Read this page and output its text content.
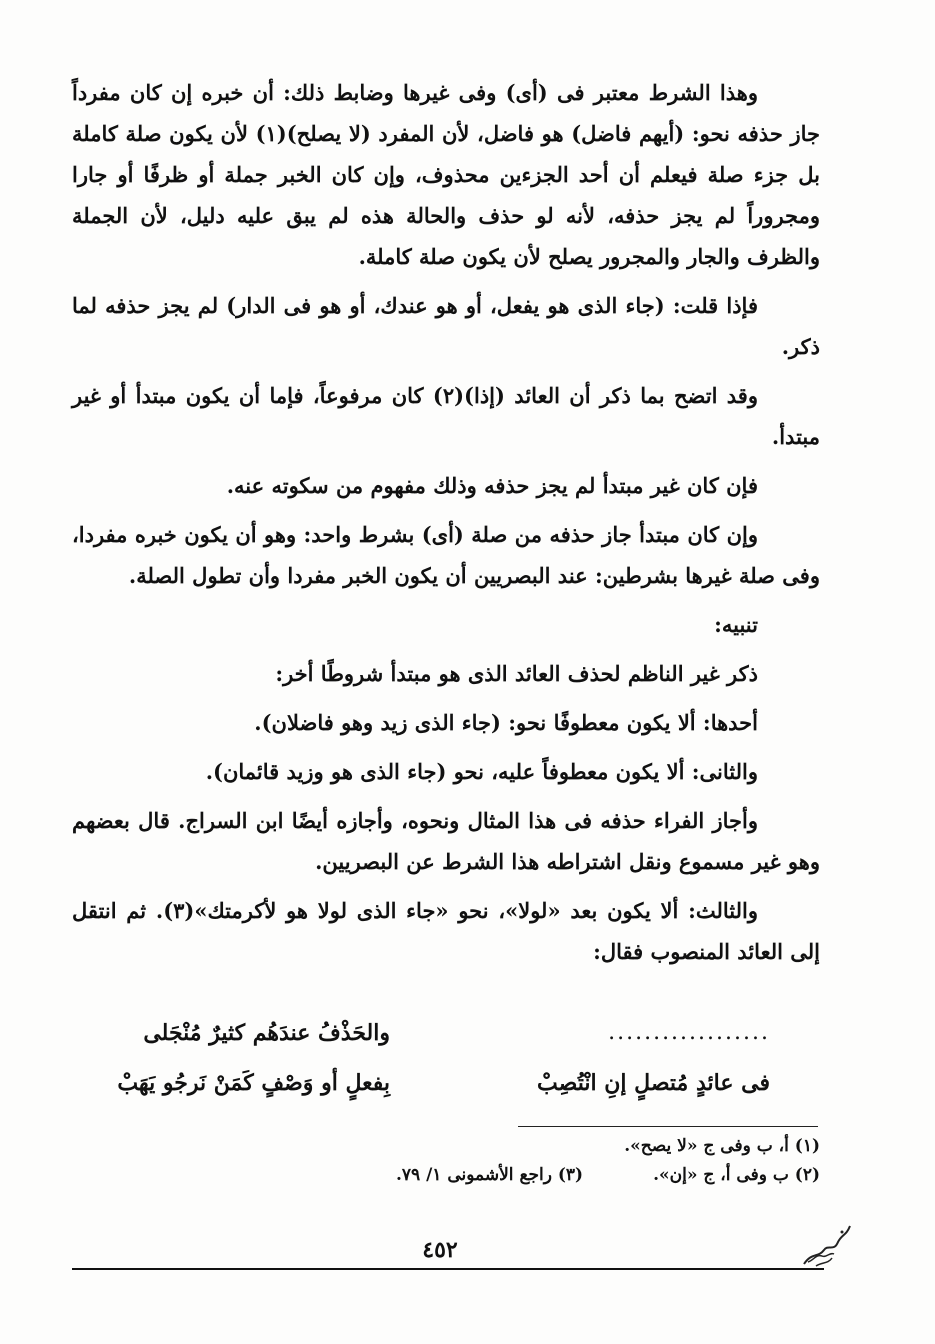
وهذا الشرط معتبر فى (أى) وفى غيرها وضابط ذلك: أن خبره إن كان مفرداً جاز حذفه نحو: (أيهم فاضل) هو فاضل، لأن المفرد (لا يصلح)(١) لأن يكون صلة كاملة بل جزء صلة فيعلم أن أحد الجزءين محذوف، وإن كان الخبر جملة أو ظرفًا أو جارا ومجروراً لم يجز حذفه، لأنه لو حذف والحالة هذه لم يبق عليه دليل، لأن الجملة والظرف والجار والمجرور يصلح لأن يكون صلة كاملة.

فإذا قلت: (جاء الذى هو يفعل، أو هو عندك، أو هو فى الدار) لم يجز حذفه لما ذكر.

وقد اتضح بما ذكر أن العائد (إذا)(٢) كان مرفوعاً، فإما أن يكون مبتدأ أو غير مبتدأ.

فإن كان غير مبتدأ لم يجز حذفه وذلك مفهوم من سكوته عنه.

وإن كان مبتدأ جاز حذفه من صلة (أى) بشرط واحد: وهو أن يكون خبره مفردا، وفى صلة غيرها بشرطين: عند البصريين أن يكون الخبر مفردا وأن تطول الصلة.

تنبيه:

ذكر غير الناظم لحذف العائد الذى هو مبتدأ شروطًا أخر:

أحدها: ألا يكون معطوفًا نحو: (جاء الذى زيد وهو فاضلان).

والثانى: ألا يكون معطوفاً عليه، نحو (جاء الذى هو وزيد قائمان).

وأجاز الفراء حذفه فى هذا المثال ونحوه، وأجازه أيضًا ابن السراج. قال بعضهم وهو غير مسموع ونقل اشتراطه هذا الشرط عن البصريين.

والثالث: ألا يكون بعد «لولا»، نحو «جاء الذى لولا هو لأكرمتك»(٣). ثم انتقل إلى العائد المنصوب فقال:

..................
والحَذْفُ عندَهُم كثيرٌ مُنْجَلى
فى عائدٍ مُتصلٍ إنِ انْتُصِبْ
بِفعلٍ أو وَصْفٍ كَمَنْ نَرجُو يَهَبْ
(١) أ، ب وفى ج «لا يصح».
(٢) ب وفى أ، ج «إن».
(٣) راجع الأشمونى ١/ ٧٩.
٤٥٢
